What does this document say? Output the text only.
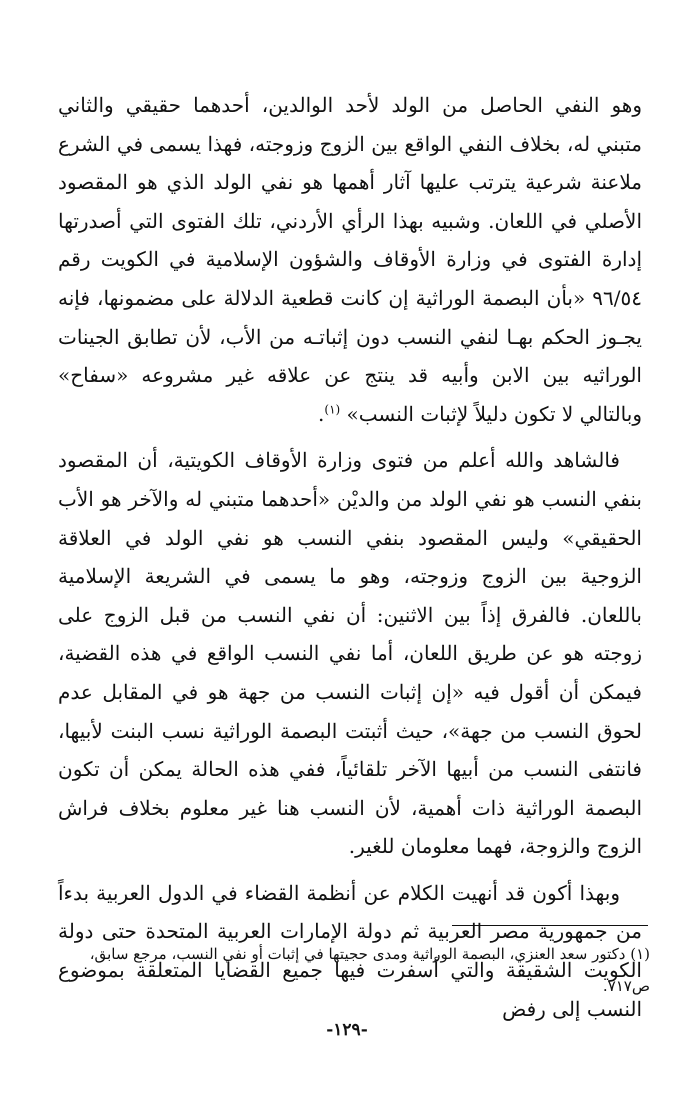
وهو النفي الحاصل من الولد لأحد الوالدين، أحدهما حقيقي والثاني متبني له، بخلاف النفي الواقع بين الزوج وزوجته، فهذا يسمى في الشرع ملاعنة شرعية يترتب عليها آثار أهمها هو نفي الولد الذي هو المقصود الأصلي في اللعان. وشبيه بهذا الرأي الأردني، تلك الفتوى التي أصدرتها إدارة الفتوى في وزارة الأوقاف والشؤون الإسلامية في الكويت رقم ٩٦/٥٤ «بأن البصمة الوراثية إن كانت قطعية الدلالة على مضمونها، فإنه يجـوز الحكم بهـا لنفي النسب دون إثباتـه من الأب، لأن تطابق الجينات الوراثيه بين الابن وأبيه قد ينتج عن علاقه غير مشروعه «سفاح» وبالتالي لا تكون دليلاً لإثبات النسب» $^{(١)}$.

فالشاهد والله أعلم من فتوى وزارة الأوقاف الكويتية، أن المقصود بنفي النسب هو نفي الولد من والديْن «أحدهما متبني له والآخر هو الأب الحقيقي» وليس المقصود بنفي النسب هو نفي الولد في العلاقة الزوجية بين الزوج وزوجته، وهو ما يسمى في الشريعة الإسلامية باللعان. فالفرق إذاً بين الاثنين: أن نفي النسب من قبل الزوج على زوجته هو عن طريق اللعان، أما نفي النسب الواقع في هذه القضية، فيمكن أن أقول فيه «إن إثبات النسب من جهة هو في المقابل عدم لحوق النسب من جهة»، حيث أثبتت البصمة الوراثية نسب البنت لأبيها، فانتفى النسب من أبيها الآخر تلقائياً، ففي هذه الحالة يمكن أن تكون البصمة الوراثية ذات أهمية، لأن النسب هنا غير معلوم بخلاف فراش الزوج والزوجة، فهما معلومان للغير.

وبهذا أكون قد أنهيت الكلام عن أنظمة القضاء في الدول العربية بدءاً من جمهورية مصر العربية ثم دولة الإمارات العربية المتحدة حتى دولة الكويت الشقيقة والتي أسفرت فيها جميع القضايا المتعلقة بموضوع النسب إلى رفض

(١) دكتور سعد العنزي، البصمة الوراثية ومدى حجيتها في إثبات أو نفي النسب، مرجع سابق، ص٧١٧.

-١٢٩-
